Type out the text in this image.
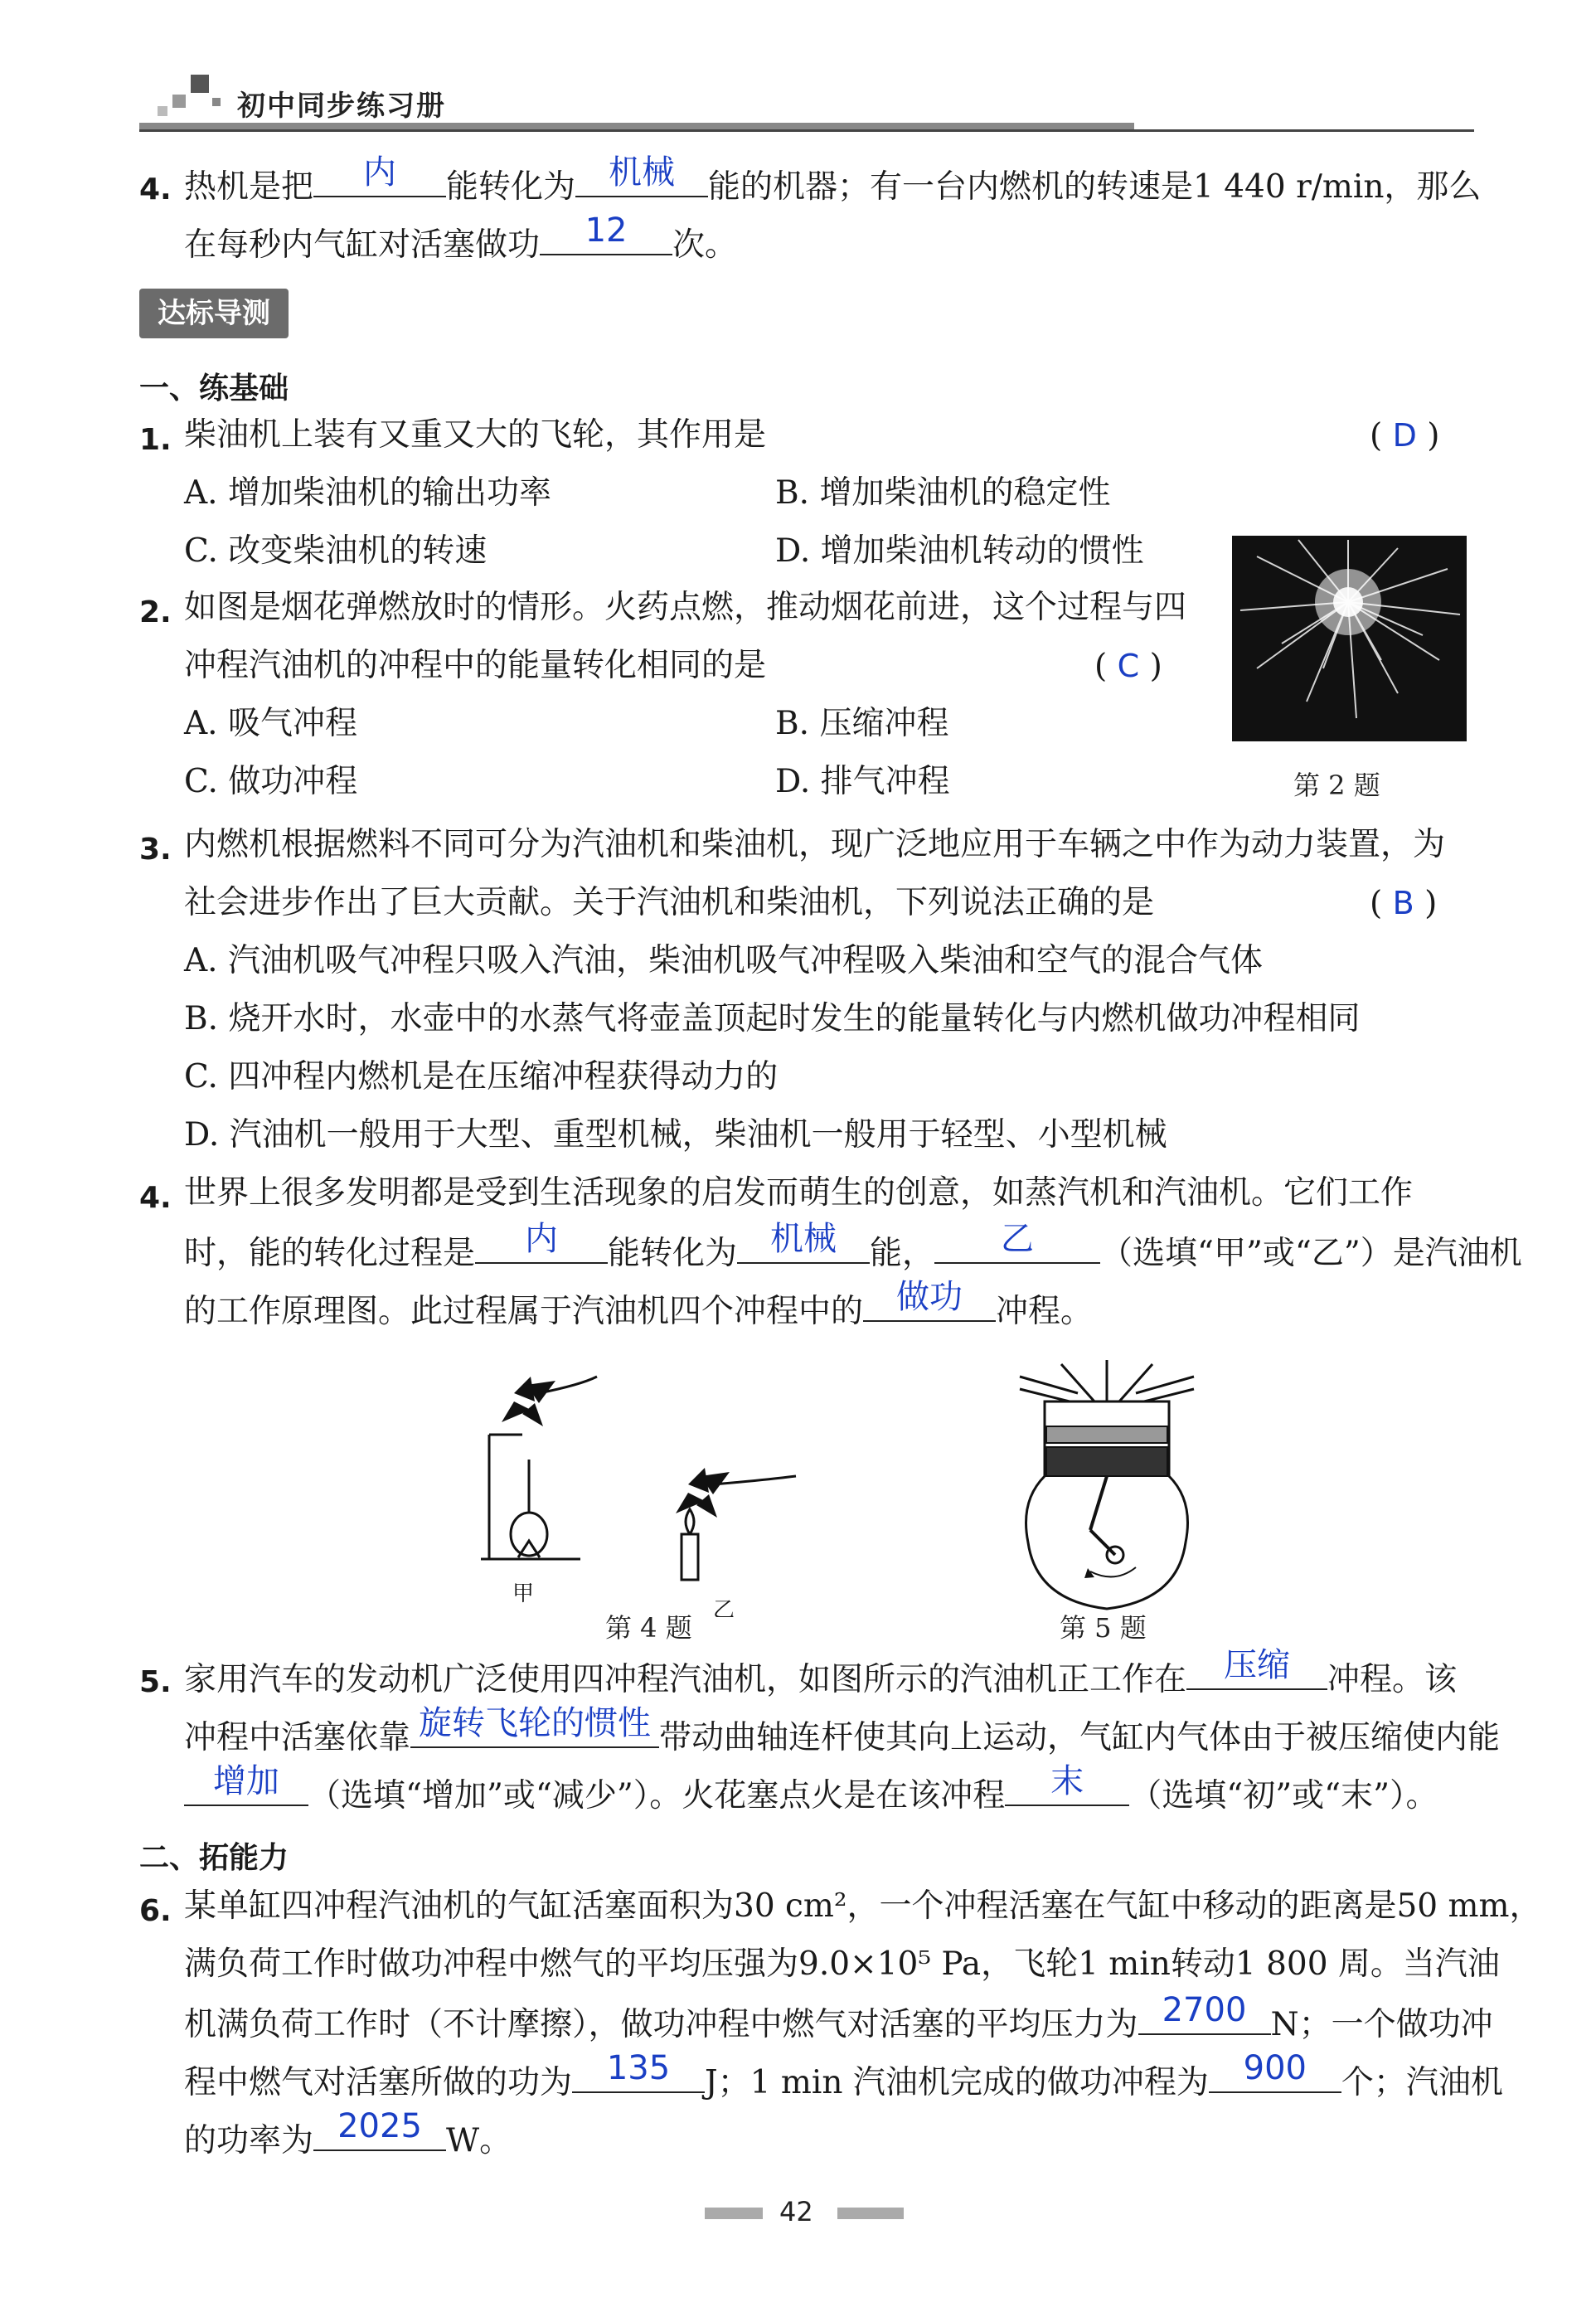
初中同步练习册
4. 热机是把	内	能转化为	机械	能的机器；有一台内燃机的转速是1 440 r/min，那么
在每秒内气缸对活塞做功	12	次。
达标导测
一、练基础
1. 柴油机上装有又重又大的飞轮，其作用是	( D )
A. 增加柴油机的输出功率	B. 增加柴油机的稳定性
C. 改变柴油机的转速	D. 增加柴油机转动的惯性
2. 如图是烟花弹燃放时的情形。火药点燃，推动烟花前进，这个过程与四
冲程汽油机的冲程中的能量转化相同的是	( C )
A. 吸气冲程	B. 压缩冲程
C. 做功冲程	D. 排气冲程	第 2 题
3. 内燃机根据燃料不同可分为汽油机和柴油机，现广泛地应用于车辆之中作为动力装置，为
社会进步作出了巨大贡献。关于汽油机和柴油机，下列说法正确的是	( B )
A. 汽油机吸气冲程只吸入汽油，柴油机吸气冲程吸入柴油和空气的混合气体
B. 烧开水时，水壶中的水蒸气将壶盖顶起时发生的能量转化与内燃机做功冲程相同
C. 四冲程内燃机是在压缩冲程获得动力的
D. 汽油机一般用于大型、重型机械，柴油机一般用于轻型、小型机械
4. 世界上很多发明都是受到生活现象的启发而萌生的创意，如蒸汽机和汽油机。它们工作
时，能的转化过程是	内	能转化为	机械	能，	乙	（选填“甲”或“乙”）是汽油机
的工作原理图。此过程属于汽油机四个冲程中的	做功	冲程。
甲
乙
第 4 题	第 5 题
5. 家用汽车的发动机广泛使用四冲程汽油机，如图所示的汽油机正工作在	压缩	冲程。该
冲程中活塞依靠 旋转飞轮的惯性 带动曲轴连杆使其向上运动，气缸内气体由于被压缩使内能
增加 （选填“增加”或“减少”）。火花塞点火是在该冲程	末	（选填“初”或“末”）。
二、拓能力
6. 某单缸四冲程汽油机的气缸活塞面积为30 cm²，一个冲程活塞在气缸中移动的距离是50 mm，
满负荷工作时做功冲程中燃气的平均压强为9.0×10⁵ Pa，飞轮1 min转动1 800 周。当汽油
机满负荷工作时（不计摩擦），做功冲程中燃气对活塞的平均压力为 2700 N；一个做功冲
程中燃气对活塞所做的功为	135	J；1 min 汽油机完成的做功冲程为	900	个；汽油机
的功率为 2025 W。
42
